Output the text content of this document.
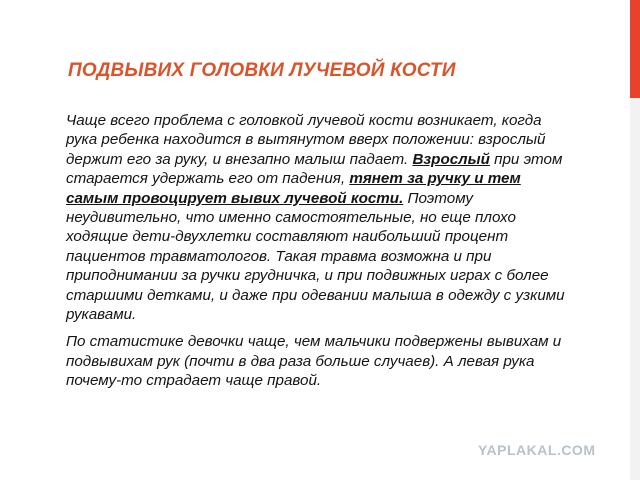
ПОДВЫВИХ ГОЛОВКИ ЛУЧЕВОЙ КОСТИ

Чаще всего проблема с головкой лучевой кости возникает, когда рука ребенка находится в вытянутом вверх положении: взрослый держит его за руку, и внезапно малыш падает. Взрослый при этом старается удержать его от падения, тянет за ручку и тем самым провоцирует вывих лучевой кости. Поэтому неудивительно, что именно самостоятельные, но еще плохо ходящие дети-двухлетки составляют наибольший процент пациентов травматологов. Такая травма возможна и при приподнимании за ручки грудничка, и при подвижных играх с более старшими детками, и даже при одевании малыша в одежду с узкими рукавами.

По статистике девочки чаще, чем мальчики подвержены вывихам и подвывихам рук (почти в два раза больше случаев). А левая рука почему-то страдает чаще правой.

YAPLAKAL.COM
